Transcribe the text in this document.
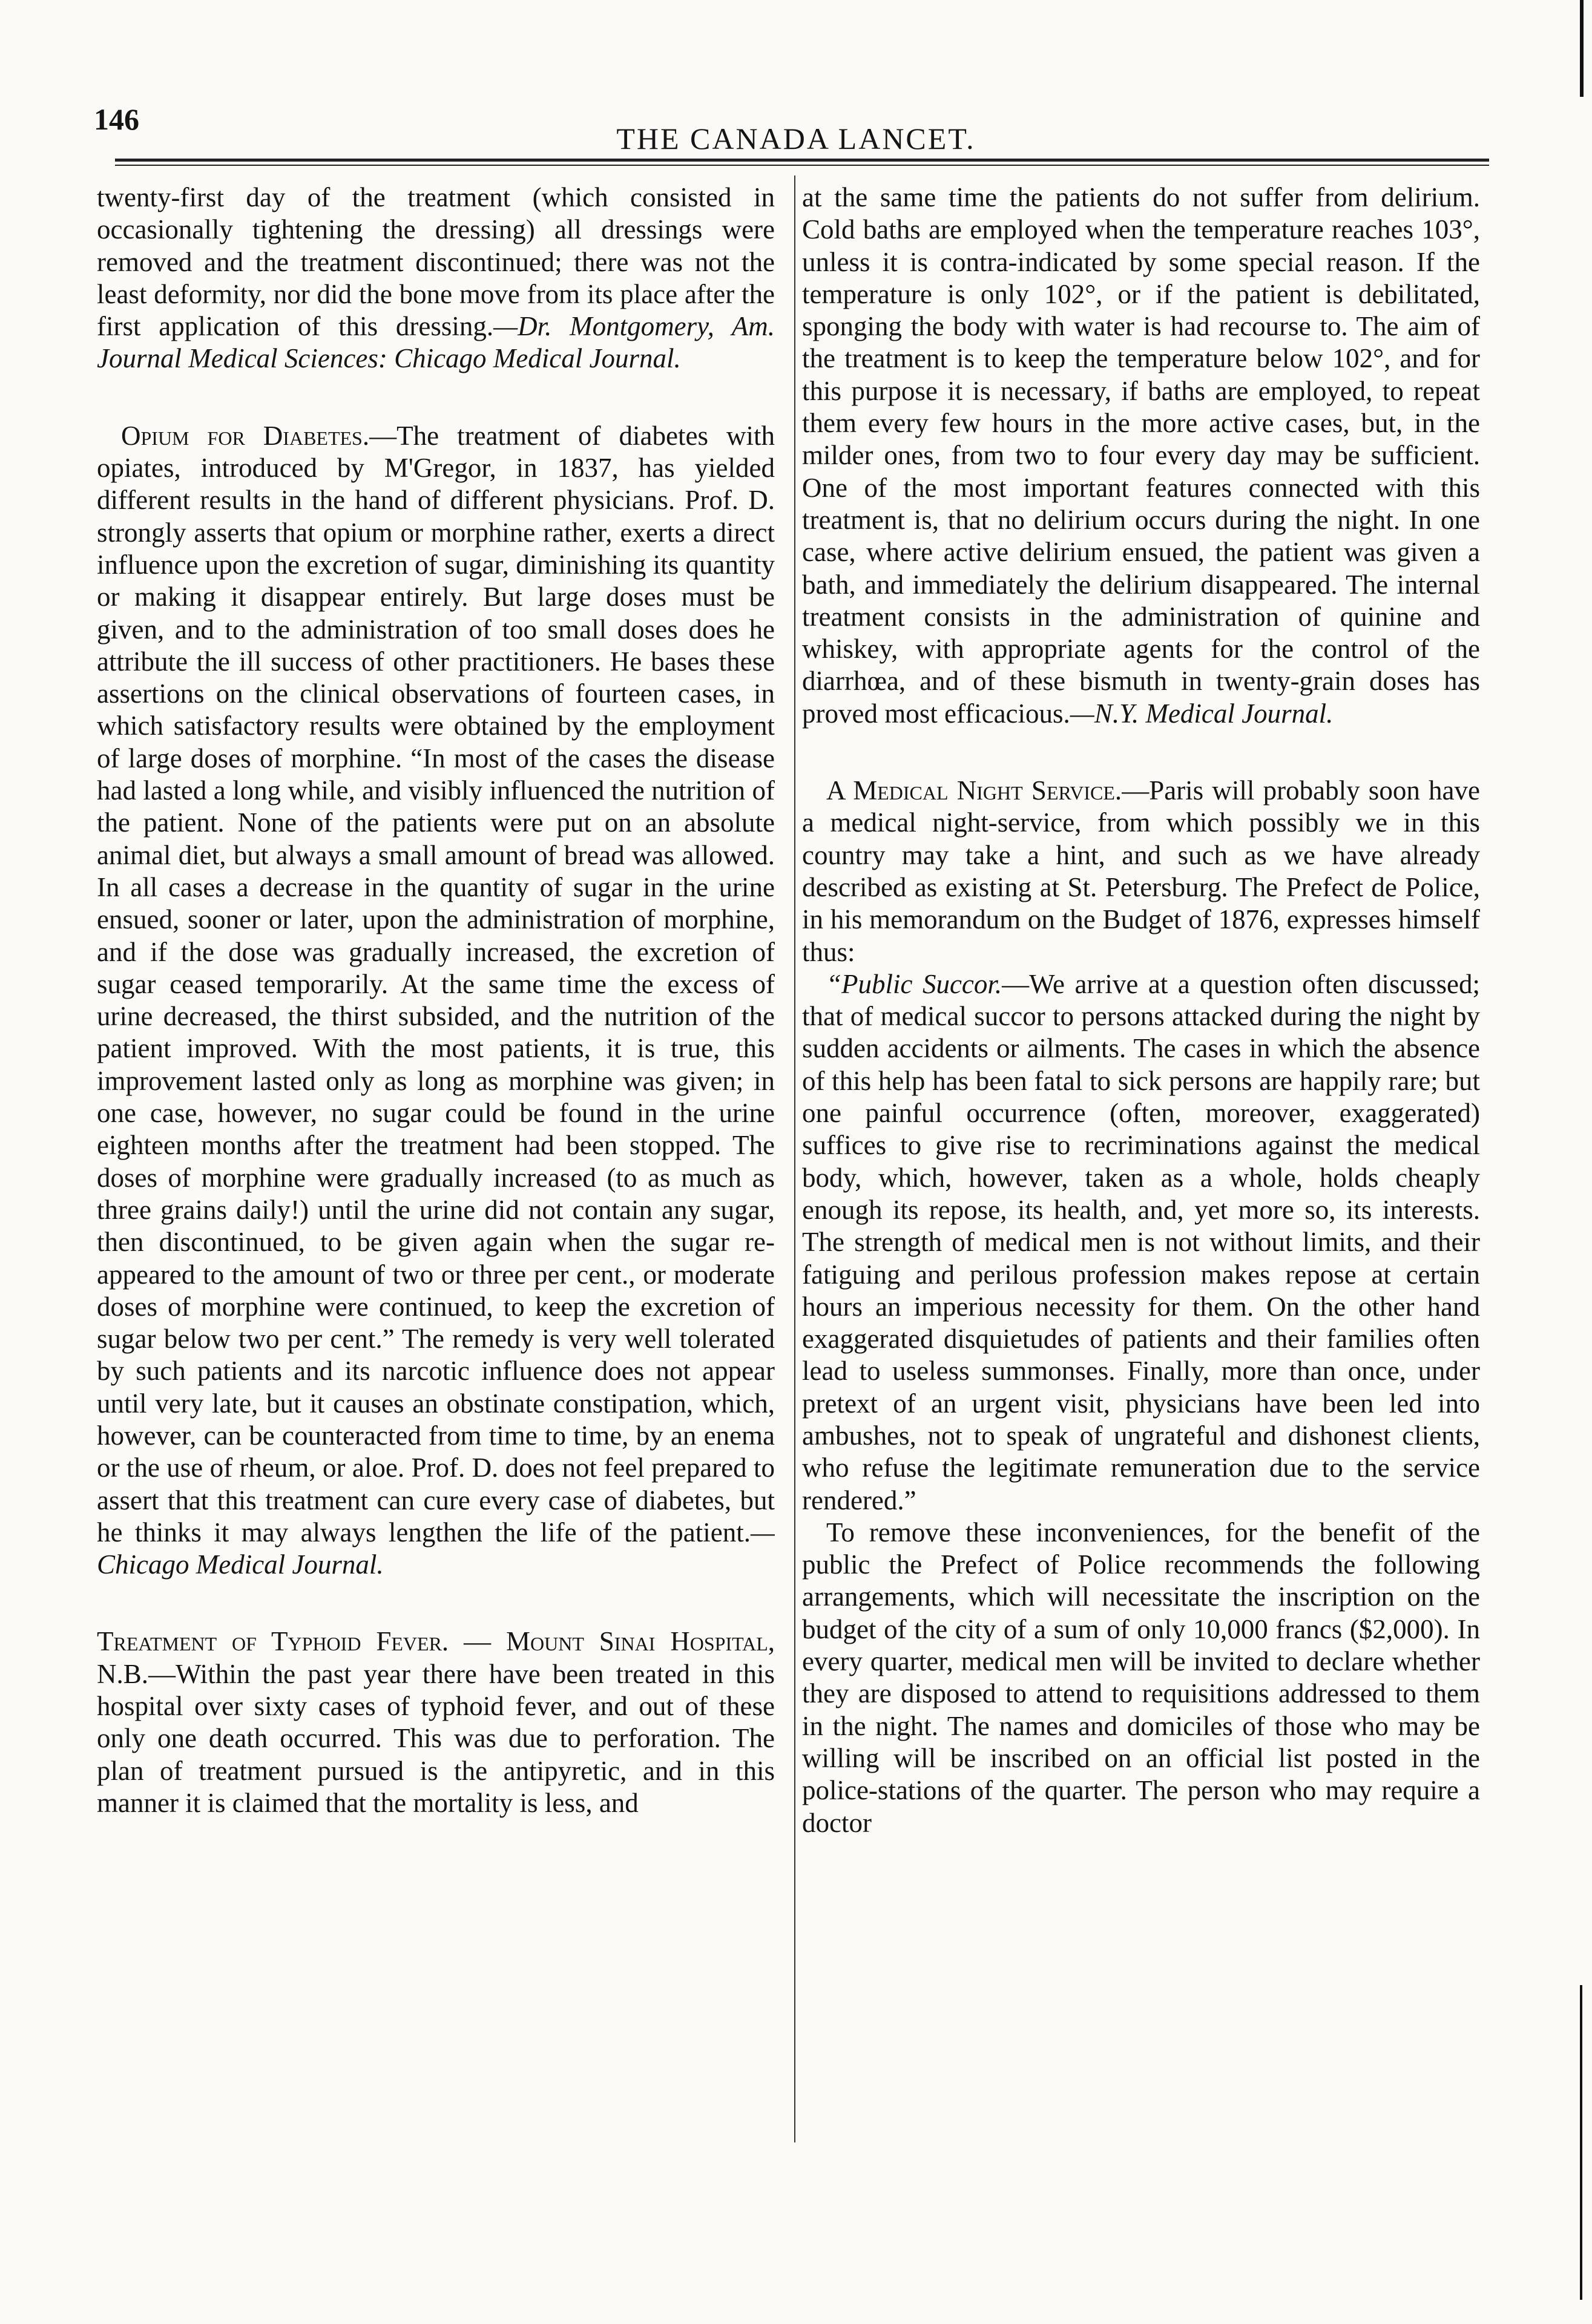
146
THE CANADA LANCET.

twenty-first day of the treatment (which consisted in occasionally tightening the dressing) all dressings were removed and the treatment discontinued; there was not the least deformity, nor did the bone move from its place after the first application of this dressing.—Dr. Montgomery, Am. Journal Medical Sciences: Chicago Medical Journal.

Opium for Diabetes.—The treatment of diabetes with opiates, introduced by M'Gregor, in 1837, has yielded different results in the hand of different physicians. Prof. D. strongly asserts that opium or morphine rather, exerts a direct influence upon the excretion of sugar, diminishing its quantity or making it disappear entirely. But large doses must be given, and to the administration of too small doses does he attribute the ill success of other practitioners. He bases these assertions on the clinical observations of fourteen cases, in which satisfactory results were obtained by the employment of large doses of morphine. “In most of the cases the disease had lasted a long while, and visibly influenced the nutrition of the patient. None of the patients were put on an absolute animal diet, but always a small amount of bread was allowed. In all cases a decrease in the quantity of sugar in the urine ensued, sooner or later, upon the administration of morphine, and if the dose was gradually increased, the excretion of sugar ceased temporarily. At the same time the excess of urine decreased, the thirst subsided, and the nutrition of the patient improved. With the most patients, it is true, this improvement lasted only as long as morphine was given; in one case, however, no sugar could be found in the urine eighteen months after the treatment had been stopped. The doses of morphine were gradually increased (to as much as three grains daily!) until the urine did not contain any sugar, then discontinued, to be given again when the sugar re-appeared to the amount of two or three per cent., or moderate doses of morphine were continued, to keep the excretion of sugar below two per cent.” The remedy is very well tolerated by such patients and its narcotic influence does not appear until very late, but it causes an obstinate constipation, which, however, can be counteracted from time to time, by an enema or the use of rheum, or aloe. Prof. D. does not feel prepared to assert that this treatment can cure every case of diabetes, but he thinks it may always lengthen the life of the patient.—Chicago Medical Journal.

Treatment of Typhoid Fever. — Mount Sinai Hospital, N.B.—Within the past year there have been treated in this hospital over sixty cases of typhoid fever, and out of these only one death occurred. This was due to perforation. The plan of treatment pursued is the antipyretic, and in this manner it is claimed that the mortality is less, and

at the same time the patients do not suffer from delirium. Cold baths are employed when the temperature reaches 103°, unless it is contra-indicated by some special reason. If the temperature is only 102°, or if the patient is debilitated, sponging the body with water is had recourse to. The aim of the treatment is to keep the temperature below 102°, and for this purpose it is necessary, if baths are employed, to repeat them every few hours in the more active cases, but, in the milder ones, from two to four every day may be sufficient. One of the most important features connected with this treatment is, that no delirium occurs during the night. In one case, where active delirium ensued, the patient was given a bath, and immediately the delirium disappeared. The internal treatment consists in the administration of quinine and whiskey, with appropriate agents for the control of the diarrhœa, and of these bismuth in twenty-grain doses has proved most efficacious.—N.Y. Medical Journal.

A Medical Night Service.—Paris will probably soon have a medical night-service, from which possibly we in this country may take a hint, and such as we have already described as existing at St. Petersburg. The Prefect de Police, in his memorandum on the Budget of 1876, expresses himself thus:

“Public Succor.—We arrive at a question often discussed; that of medical succor to persons attacked during the night by sudden accidents or ailments. The cases in which the absence of this help has been fatal to sick persons are happily rare; but one painful occurrence (often, moreover, exaggerated) suffices to give rise to recriminations against the medical body, which, however, taken as a whole, holds cheaply enough its repose, its health, and, yet more so, its interests. The strength of medical men is not without limits, and their fatiguing and perilous profession makes repose at certain hours an imperious necessity for them. On the other hand exaggerated disquietudes of patients and their families often lead to useless summonses. Finally, more than once, under pretext of an urgent visit, physicians have been led into ambushes, not to speak of ungrateful and dishonest clients, who refuse the legitimate remuneration due to the service rendered.”

To remove these inconveniences, for the benefit of the public the Prefect of Police recommends the following arrangements, which will necessitate the inscription on the budget of the city of a sum of only 10,000 francs ($2,000). In every quarter, medical men will be invited to declare whether they are disposed to attend to requisitions addressed to them in the night. The names and domiciles of those who may be willing will be inscribed on an official list posted in the police-stations of the quarter. The person who may require a doctor
